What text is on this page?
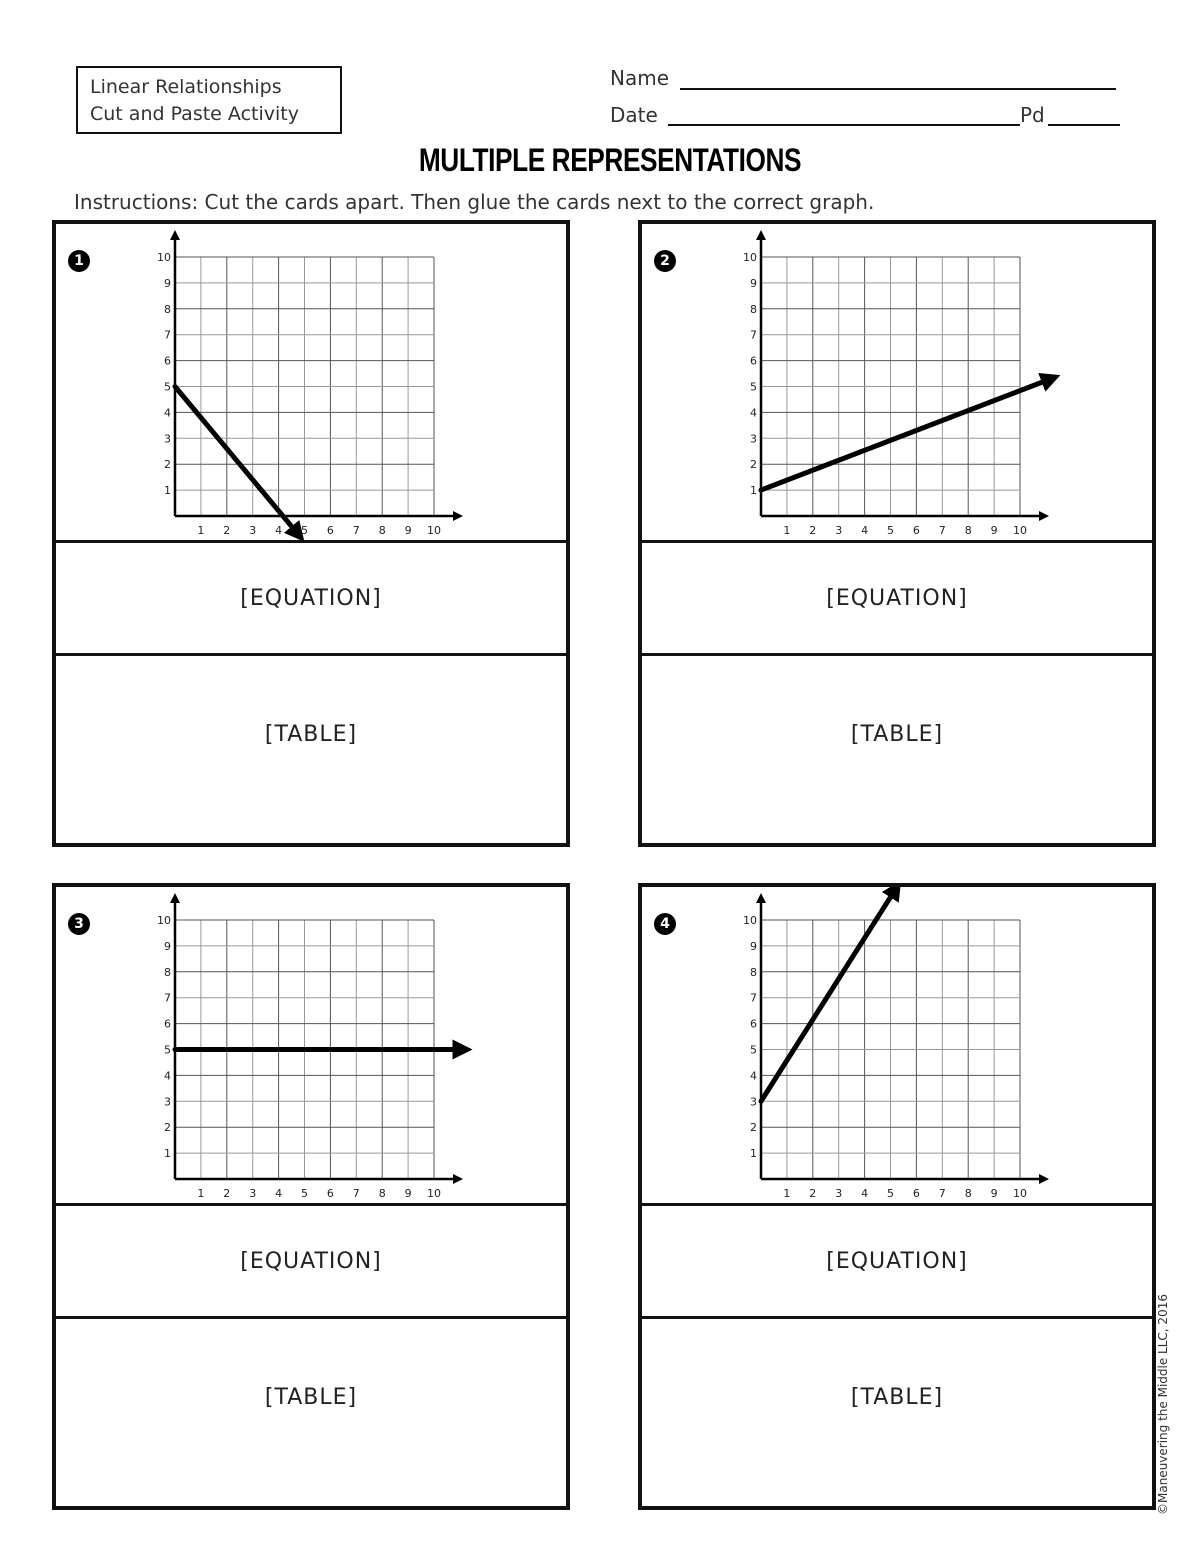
Linear Relationships
Cut and Paste Activity
Name
Date	Pd
MULTIPLE REPRESENTATIONS
Instructions: Cut the cards apart. Then glue the cards next to the correct graph.
1
1 2 3 4 5 6 7 8 9 10
1
2
3
4
5
6
7
8
9
10
[EQUATION]
[TABLE]
2
1 2 3 4 5 6 7 8 9 10
1
2
3
4
5
6
7
8
9
10
[EQUATION]
[TABLE]
3
1 2 3 4 5 6 7 8 9 10
1
2
3
4
5
6
7
8
9
10
[EQUATION]
[TABLE]
4
1 2 3 4 5 6 7 8 9 10
1
2
3
4
5
6
7
8
9
10
[EQUATION]
[TABLE]	©Maneuvering the Middle LLC, 2016
